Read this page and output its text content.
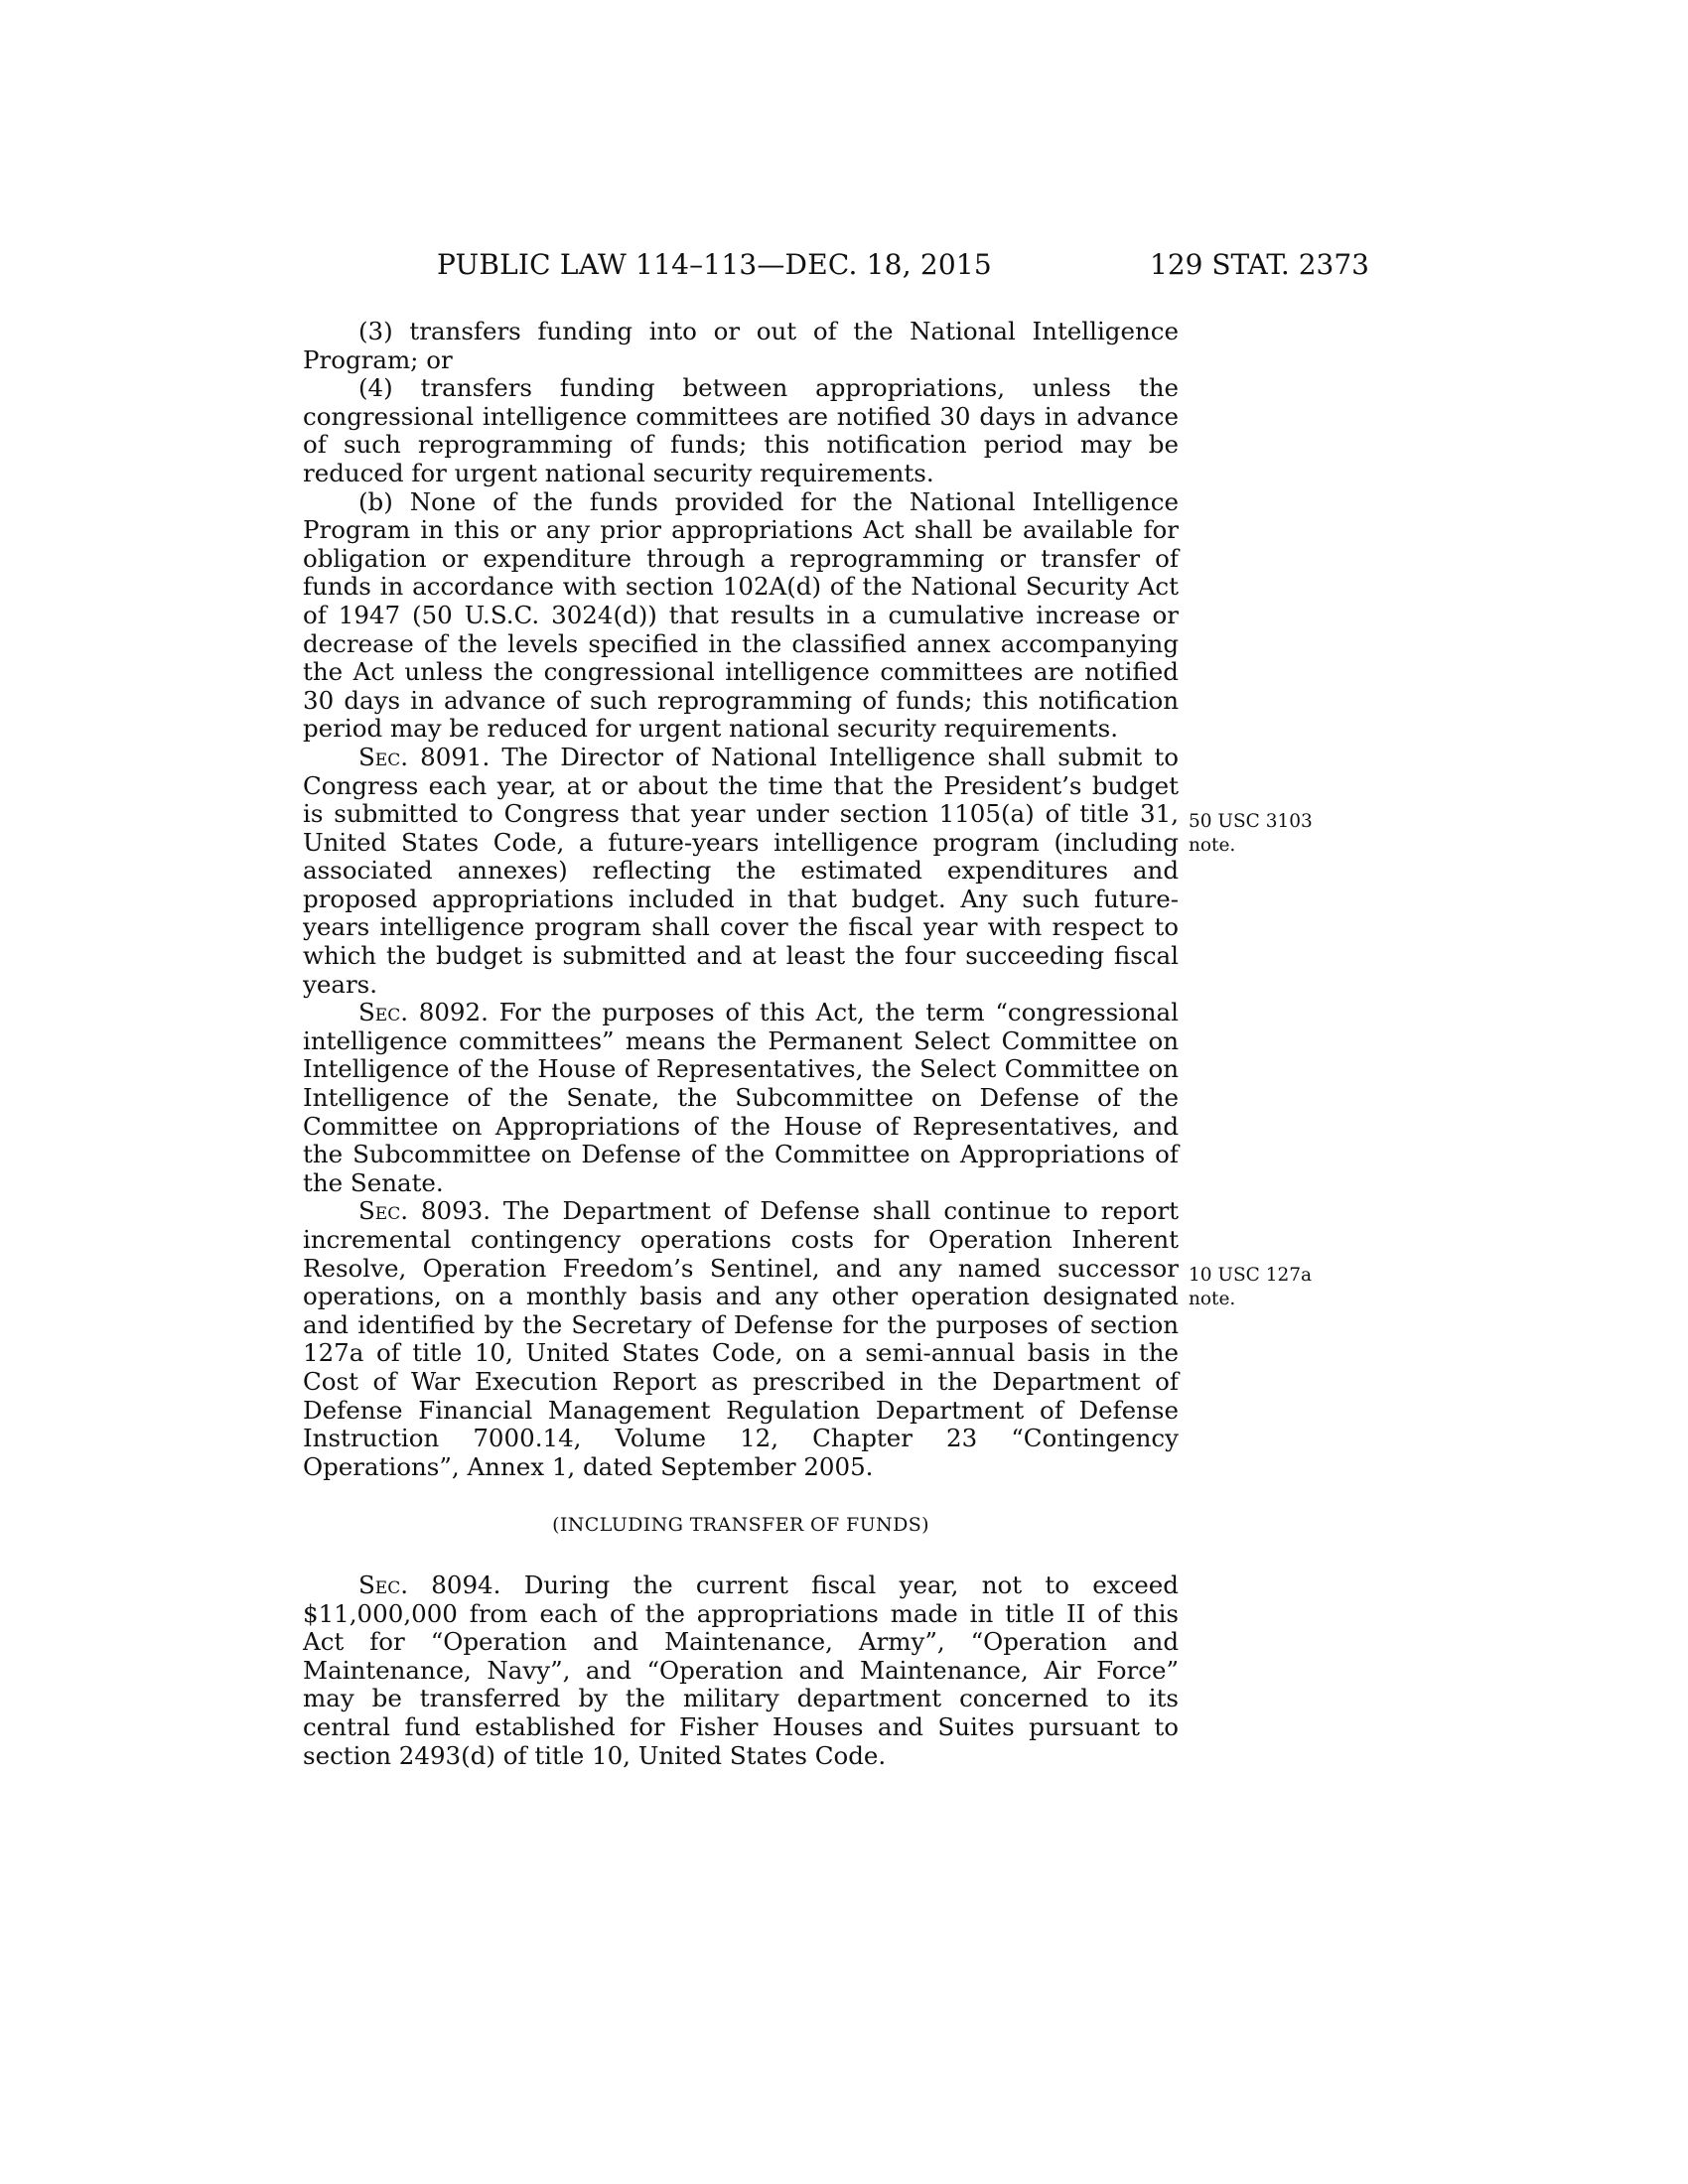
PUBLIC LAW 114–113—DEC. 18, 2015	129 STAT. 2373

(3) transfers funding into or out of the National Intelligence Program; or

(4) transfers funding between appropriations, unless the congressional intelligence committees are notified 30 days in advance of such reprogramming of funds; this notification period may be reduced for urgent national security requirements.

(b) None of the funds provided for the National Intelligence Program in this or any prior appropriations Act shall be available for obligation or expenditure through a reprogramming or transfer of funds in accordance with section 102A(d) of the National Security Act of 1947 (50 U.S.C. 3024(d)) that results in a cumulative increase or decrease of the levels specified in the classified annex accompanying the Act unless the congressional intelligence committees are notified 30 days in advance of such reprogramming of funds; this notification period may be reduced for urgent national security requirements.

Sec. 8091. The Director of National Intelligence shall submit to Congress each year, at or about the time that the President’s budget is submitted to Congress that year under section 1105(a) of title 31, United States Code, a future-years intelligence program (including associated annexes) reflecting the estimated expenditures and proposed appropriations included in that budget. Any such future-years intelligence program shall cover the fiscal year with respect to which the budget is submitted and at least the four succeeding fiscal years.

Sec. 8092. For the purposes of this Act, the term “congressional intelligence committees” means the Permanent Select Committee on Intelligence of the House of Representatives, the Select Committee on Intelligence of the Senate, the Subcommittee on Defense of the Committee on Appropriations of the House of Representatives, and the Subcommittee on Defense of the Committee on Appropriations of the Senate.

Sec. 8093. The Department of Defense shall continue to report incremental contingency operations costs for Operation Inherent Resolve, Operation Freedom’s Sentinel, and any named successor operations, on a monthly basis and any other operation designated and identified by the Secretary of Defense for the purposes of section 127a of title 10, United States Code, on a semi-annual basis in the Cost of War Execution Report as prescribed in the Department of Defense Financial Management Regulation Department of Defense Instruction 7000.14, Volume 12, Chapter 23 “Contingency Operations”, Annex 1, dated September 2005.

(INCLUDING TRANSFER OF FUNDS)

Sec. 8094. During the current fiscal year, not to exceed $11,000,000 from each of the appropriations made in title II of this Act for “Operation and Maintenance, Army”, “Operation and Maintenance, Navy”, and “Operation and Maintenance, Air Force” may be transferred by the military department concerned to its central fund established for Fisher Houses and Suites pursuant to section 2493(d) of title 10, United States Code.

50 USC 3103
note.
10 USC 127a
note.
